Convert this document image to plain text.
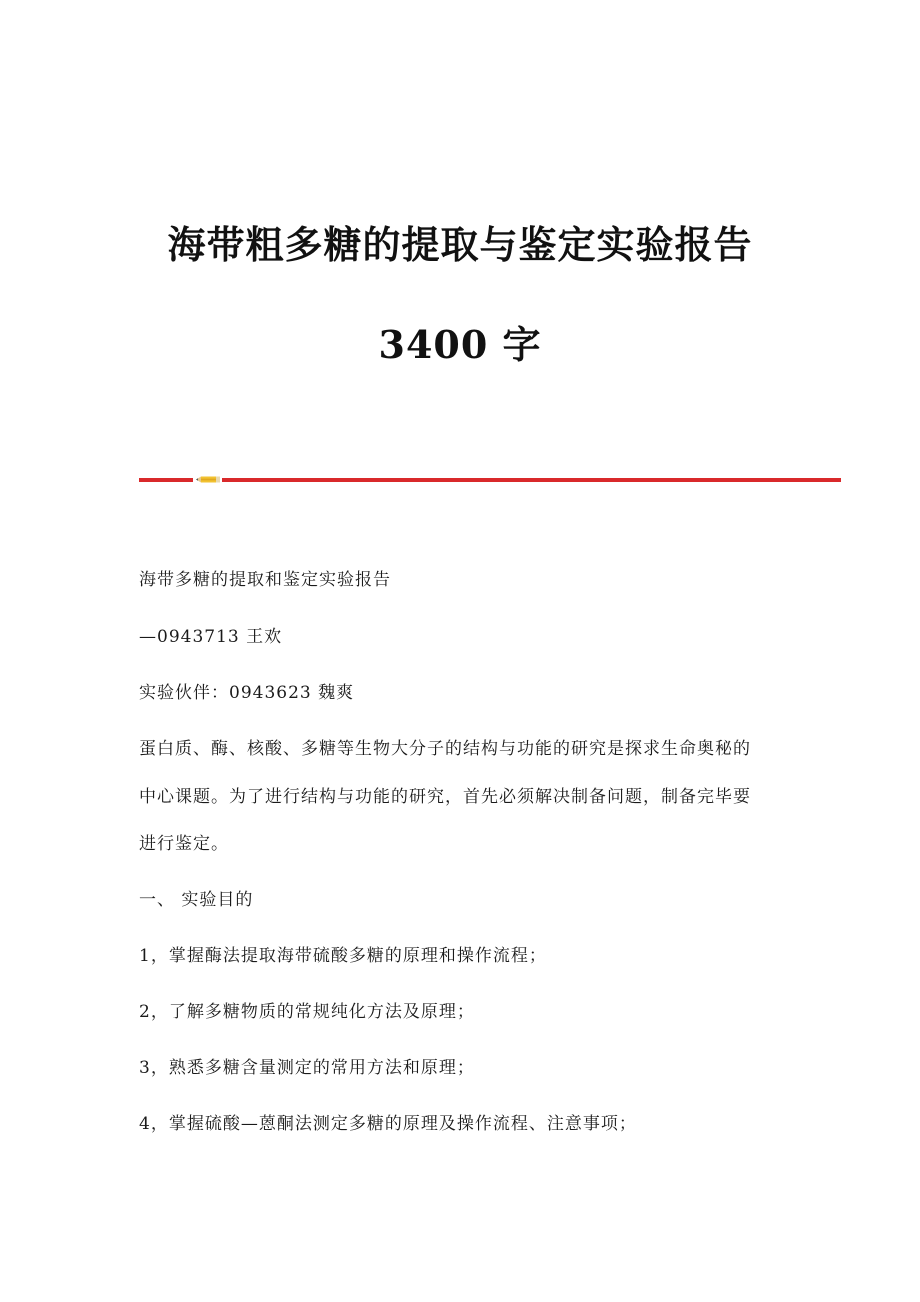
海带粗多糖的提取与鉴定实验报告
3400 字
海带多糖的提取和鉴定实验报告
—0943713 王欢
实验伙伴：0943623 魏爽
蛋白质、酶、核酸、多糖等生物大分子的结构与功能的研究是探求生命奥秘的
中心课题。为了进行结构与功能的研究，首先必须解决制备问题，制备完毕要
进行鉴定。
一、 实验目的
1，掌握酶法提取海带硫酸多糖的原理和操作流程；
2，了解多糖物质的常规纯化方法及原理；
3，熟悉多糖含量测定的常用方法和原理；
4，掌握硫酸—蒽酮法测定多糖的原理及操作流程、注意事项；
